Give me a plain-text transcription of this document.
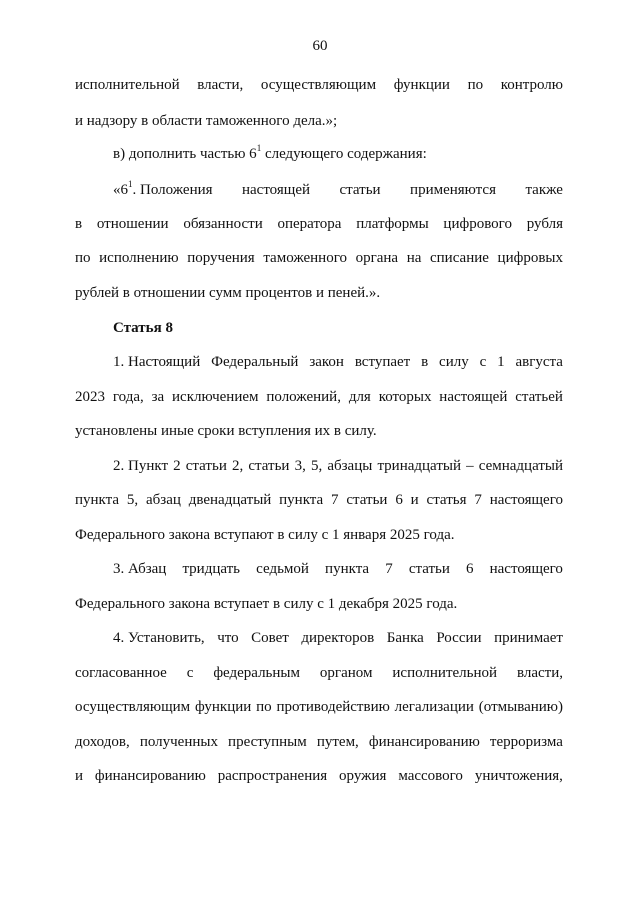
60
исполнительной власти, осуществляющим функции по контролю
и надзору в области таможенного дела.»;
в) дополнить частью $6^1$ следующего содержания:
«$6^1$. Положения настоящей статьи применяются также
в отношении обязанности оператора платформы цифрового рубля
по исполнению поручения таможенного органа на списание цифровых
рублей в отношении сумм процентов и пеней.».
Статья 8
1. Настоящий Федеральный закон вступает в силу с 1 августа
2023 года, за исключением положений, для которых настоящей статьей
установлены иные сроки вступления их в силу.
2. Пункт 2 статьи 2, статьи 3, 5, абзацы тринадцатый – семнадцатый
пункта 5, абзац двенадцатый пункта 7 статьи 6 и статья 7 настоящего
Федерального закона вступают в силу с 1 января 2025 года.
3. Абзац тридцать седьмой пункта 7 статьи 6 настоящего
Федерального закона вступает в силу с 1 декабря 2025 года.
4. Установить, что Совет директоров Банка России принимает
согласованное с федеральным органом исполнительной власти,
осуществляющим функции по противодействию легализации (отмыванию)
доходов, полученных преступным путем, финансированию терроризма
и финансированию распространения оружия массового уничтожения,
